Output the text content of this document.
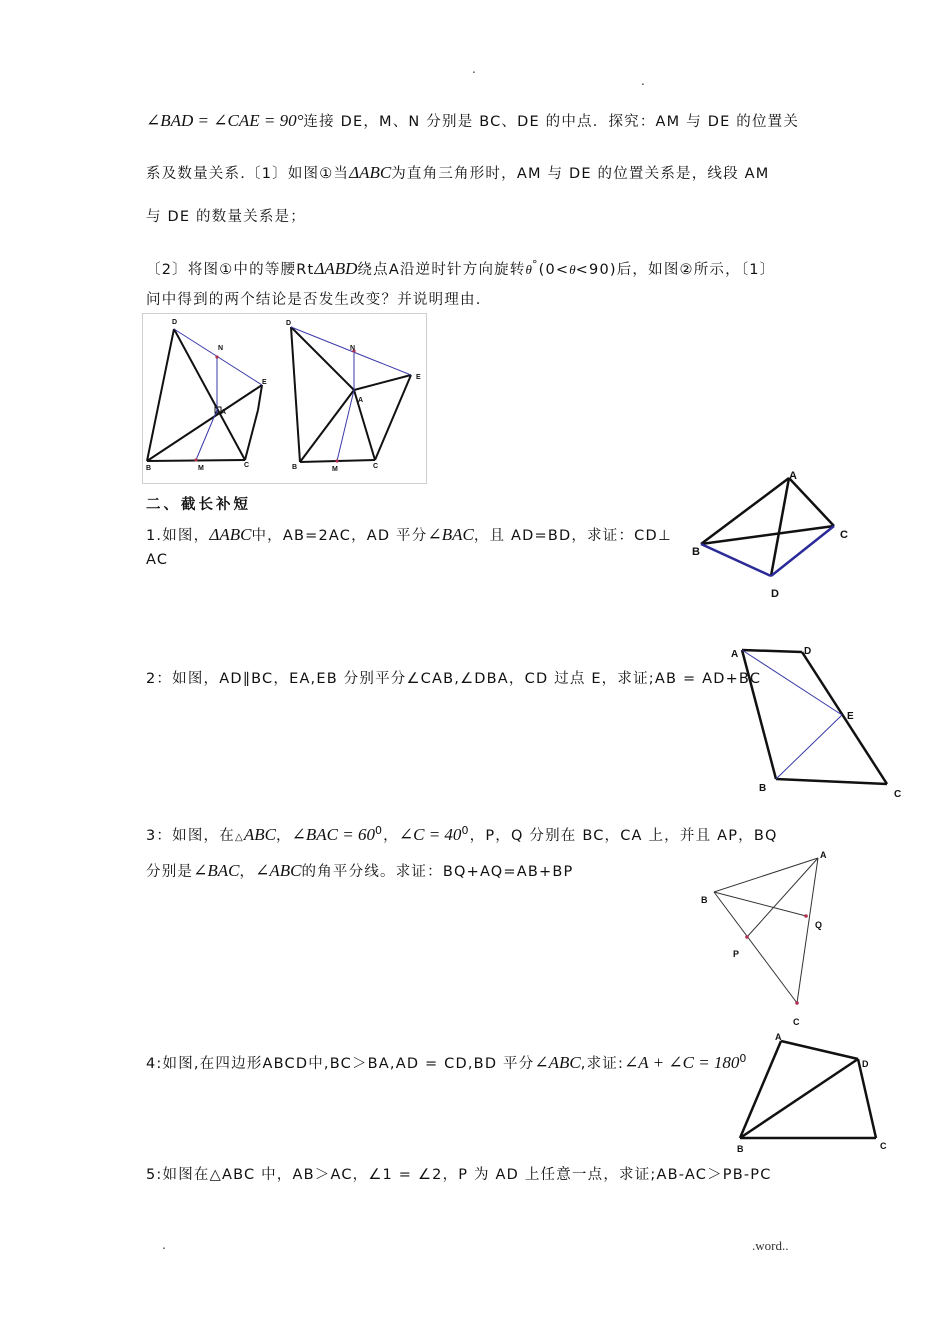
.
.
∠BAD = ∠CAE = 90°连接 DE，M、N 分别是 BC、DE 的中点．探究：AM 与 DE 的位置关
系及数量关系.〔1〕如图①当ΔABC为直角三角形时，AM 与 DE 的位置关系是，线段 AM
与 DE 的数量关系是；
〔2〕将图①中的等腰RtΔABD绕点A沿逆时针方向旋转θ°(0<θ<90)后，如图②所示，〔1〕
问中得到的两个结论是否发生改变？并说明理由.
D
N
E
A
B	M	C
D
N
E
A
B	M	C
二、截长补短
1.如图，ΔABC中，AB=2AC，AD 平分∠BAC，且 AD=BD，求证：CD⊥
AC
A
B
C
D
2：如图，AD∥BC，EA,EB 分别平分∠CAB,∠DBA，CD 过点 E，求证;AB = AD+BC
A	D
E
B
C
3：如图，在△ABC，∠BAC = $60^0$，∠C = $40^0$，P，Q 分别在 BC，CA 上，并且 AP，BQ
分别是∠BAC，∠ABC的角平分线。求证：BQ+AQ=AB+BP
A
B
Q
P
C
4:如图,在四边形ABCD中,BC＞BA,AD = CD,BD 平分∠ABC,求证:∠A + ∠C = $180^0$
A
D
B	C
5:如图在△ABC 中，AB＞AC，∠1 = ∠2，P 为 AD 上任意一点，求证;AB-AC＞PB-PC
.	.word..
